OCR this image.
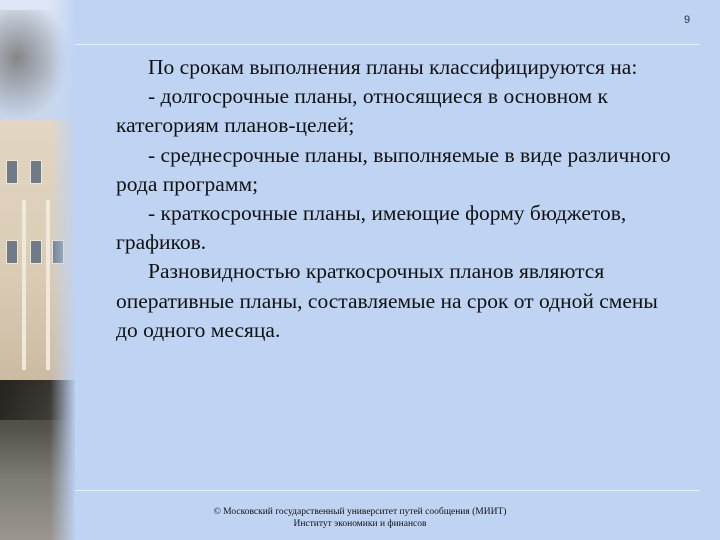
9

По срокам выполнения планы классифицируются на:

- долгосрочные планы, относящиеся в основном к категориям планов-целей;

- среднесрочные планы, выполняемые в виде различного рода программ;

- краткосрочные планы, имеющие форму бюджетов, графиков.

Разновидностью краткосрочных планов являются оперативные планы, составляемые на срок от одной смены до одного месяца.

© Московский государственный университет путей сообщения (МИИТ)
Институт экономики и финансов
